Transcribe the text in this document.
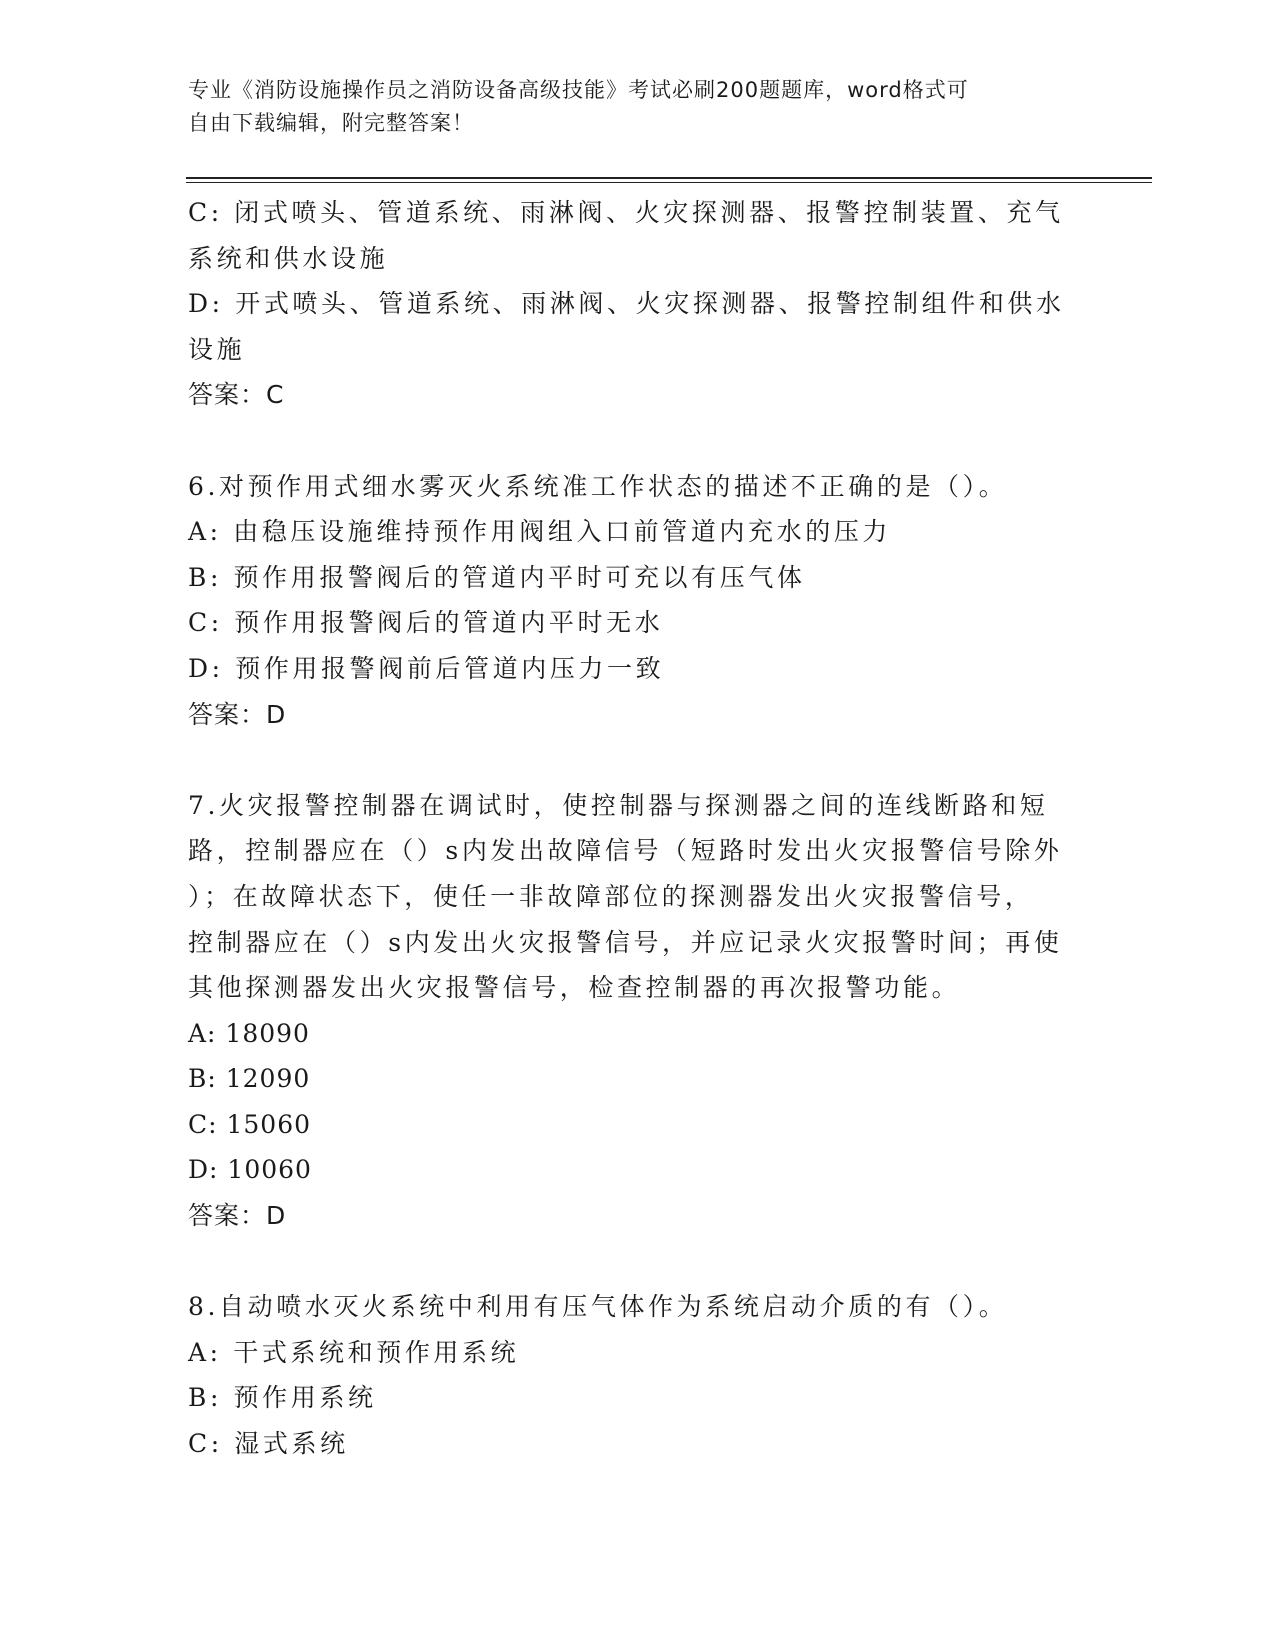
专业《消防设施操作员之消防设备高级技能》考试必刷200题题库，word格式可
自由下载编辑，附完整答案！
C: 闭式喷头、管道系统、雨淋阀、火灾探测器、报警控制装置、充气
系统和供水设施
D: 开式喷头、管道系统、雨淋阀、火灾探测器、报警控制组件和供水
设施
答案：C
6.对预作用式细水雾灭火系统准工作状态的描述不正确的是（）。
A: 由稳压设施维持预作用阀组入口前管道内充水的压力
B: 预作用报警阀后的管道内平时可充以有压气体
C: 预作用报警阀后的管道内平时无水
D: 预作用报警阀前后管道内压力一致
答案：D
7.火灾报警控制器在调试时，使控制器与探测器之间的连线断路和短
路，控制器应在（）s内发出故障信号（短路时发出火灾报警信号除外
）；在故障状态下，使任一非故障部位的探测器发出火灾报警信号，
控制器应在（）s内发出火灾报警信号，并应记录火灾报警时间；再使
其他探测器发出火灾报警信号，检查控制器的再次报警功能。
A: 18090
B: 12090
C: 15060
D: 10060
答案：D
8.自动喷水灭火系统中利用有压气体作为系统启动介质的有（）。
A: 干式系统和预作用系统
B: 预作用系统
C: 湿式系统
